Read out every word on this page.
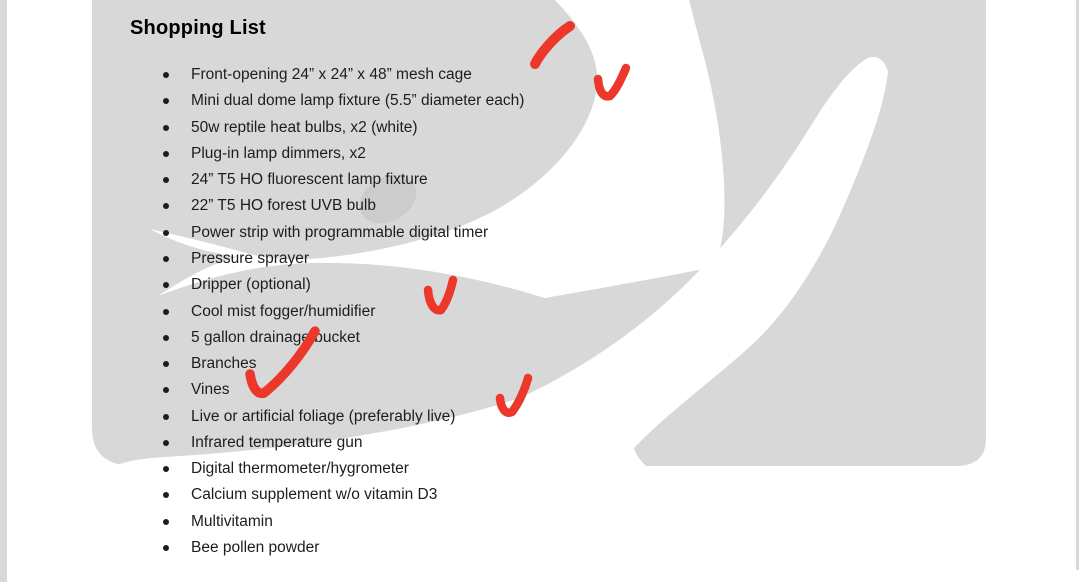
Shopping List
Front-opening 24” x 24” x 48” mesh cage
Mini dual dome lamp fixture (5.5” diameter each)
50w reptile heat bulbs, x2 (white)
Plug-in lamp dimmers, x2
24” T5 HO fluorescent lamp fixture
22” T5 HO forest UVB bulb
Power strip with programmable digital timer
Pressure sprayer
Dripper (optional)
Cool mist fogger/humidifier
5 gallon drainage bucket
Branches
Vines
Live or artificial foliage (preferably live)
Infrared temperature gun
Digital thermometer/hygrometer
Calcium supplement w/o vitamin D3
Multivitamin
Bee pollen powder
